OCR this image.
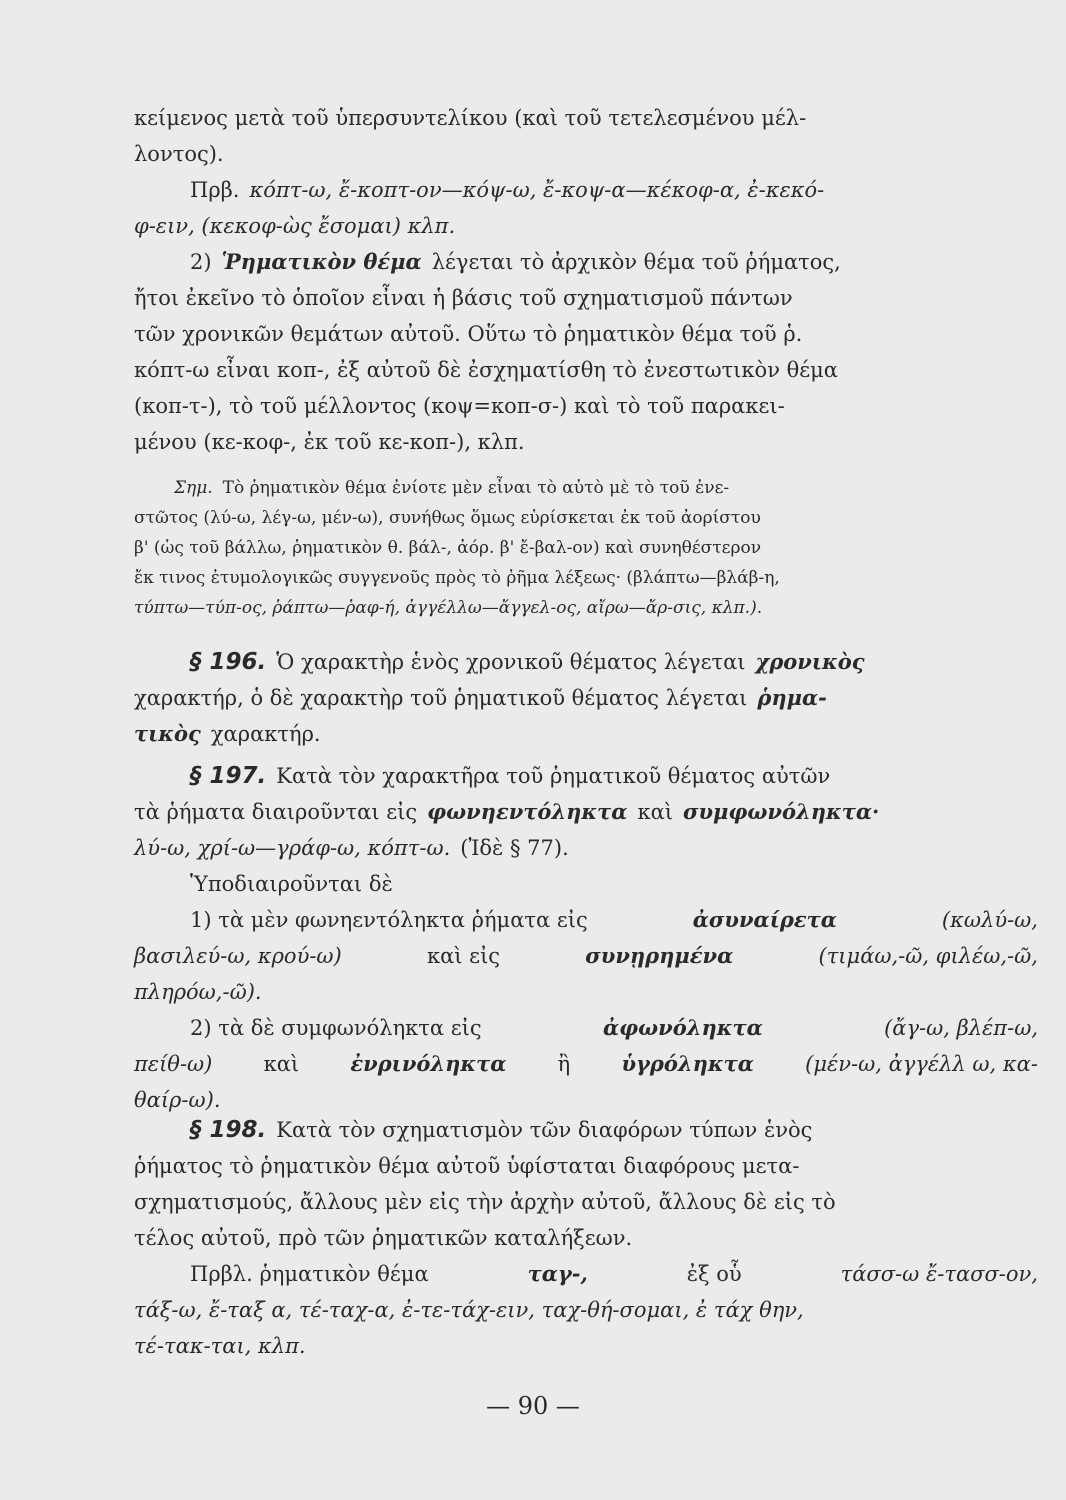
κείμενος μετὰ τοῦ ὑπερσυντελίκου (καὶ τοῦ τετελεσμένου μέλ-
λοντος).
Πρβ. κόπτ-ω, ἔ-κοπτ-ον—κόψ-ω, ἔ-κοψ-α—κέκοφ-α, ἐ-κεκό-
φ-ειν, (κεκοφ-ὼς ἔσομαι) κλπ.
2) Ῥηματικὸν θέμα λέγεται τὸ ἀρχικὸν θέμα τοῦ ῥήματος,
ἤτοι ἐκεῖνο τὸ ὁποῖον εἶναι ἡ βάσις τοῦ σχηματισμοῦ πάντων
τῶν χρονικῶν θεμάτων αὐτοῦ. Οὕτω τὸ ῥηματικὸν θέμα τοῦ ῥ.
κόπτ-ω εἶναι κοπ-, ἐξ αὐτοῦ δὲ ἐσχηματίσθη τὸ ἐνεστωτικὸν θέμα
(κοπ-τ-), τὸ τοῦ μέλλοντος (κοψ=κοπ-σ-) καὶ τὸ τοῦ παρακει-
μένου (κε-κοφ-, ἐκ τοῦ κε-κοπ-), κλπ.
Σημ. Τὸ ῥηματικὸν θέμα ἐνίοτε μὲν εἶναι τὸ αὐτὸ μὲ τὸ τοῦ ἐνε-
στῶτος (λύ-ω, λέγ-ω, μέν-ω), συνήθως ὅμως εὑρίσκεται ἐκ τοῦ ἀορίστου
β' (ὡς τοῦ βάλλω, ῥηματικὸν θ. βάλ-, ἀόρ. β' ἔ-βαλ-ον) καὶ συνηθέστερον
ἔκ τινος ἐτυμολογικῶς συγγενοῦς πρὸς τὸ ῥῆμα λέξεως· (βλάπτω—βλάβ-η,
τύπτω—τύπ-ος, ῥάπτω—ῥαφ-ή, ἀγγέλλω—ἄγγελ-ος, αἴρω—ἄρ-σις, κλπ.).
§ 196. Ὁ χαρακτὴρ ἑνὸς χρονικοῦ θέματος λέγεται χρονικὸς
χαρακτήρ, ὁ δὲ χαρακτὴρ τοῦ ῥηματικοῦ θέματος λέγεται ῥημα-
τικὸς χαρακτήρ.
§ 197. Κατὰ τὸν χαρακτῆρα τοῦ ῥηματικοῦ θέματος αὐτῶν
τὰ ῥήματα διαιροῦνται εἰς φωνηεντόληκτα καὶ συμφωνόληκτα·
λύ-ω, χρί-ω—γράφ-ω, κόπτ-ω. (Ἰδὲ § 77).
Ὑποδιαιροῦνται δὲ
1) τὰ μὲν φωνηεντόληκτα ῥήματα εἰς	ἀσυναίρετα	(κωλύ-ω,
βασιλεύ-ω, κρού-ω)	καὶ εἰς	συνῃρημένα	(τιμάω,-ῶ, φιλέω,-ῶ,
πληρόω,-ῶ).
2) τὰ δὲ συμφωνόληκτα εἰς	ἀφωνόληκτα	(ἄγ-ω, βλέπ-ω,
πείθ-ω) καὶ ἐνρινόληκτα ἢ ὑγρόληκτα (μέν-ω, ἀγγέλλ ω, κα-
θαίρ-ω).
§ 198. Κατὰ τὸν σχηματισμὸν τῶν διαφόρων τύπων ἑνὸς
ῥήματος τὸ ῥηματικὸν θέμα αὐτοῦ ὑφίσταται διαφόρους μετα-
σχηματισμούς, ἄλλους μὲν εἰς τὴν ἀρχὴν αὐτοῦ, ἄλλους δὲ εἰς τὸ
τέλος αὐτοῦ, πρὸ τῶν ῥηματικῶν καταλήξεων.
Πρβλ. ῥηματικὸν θέμα	ταγ-,	ἐξ οὗ	τάσσ-ω ἔ-τασσ-ον,
τάξ-ω, ἔ-ταξ α, τέ-ταχ-α, ἐ-τε-τάχ-ειν, ταχ-θή-σομαι, ἐ τάχ θην,
τέ-τακ-ται, κλπ.
— 90 —
